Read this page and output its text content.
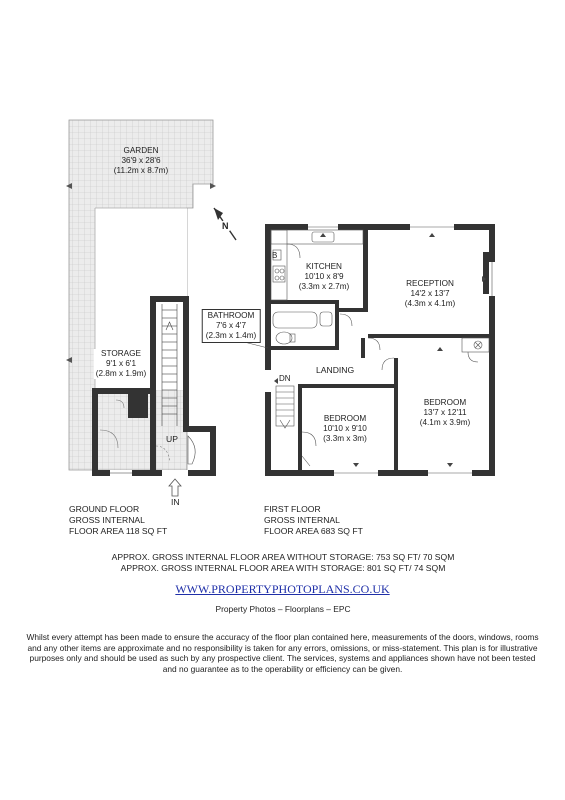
GARDEN
36'9 x 28'6
(11.2m x 8.7m)
STORAGE
9'1 x 6'1
(2.8m x 1.9m)
KITCHEN
10'10 x 8'9
(3.3m x 2.7m)
BATHROOM
7'6 x 4'7
(2.3m x 1.4m)
RECEPTION
14'2 x 13'7
(4.3m x 4.1m)
BEDROOM
10'10 x 9'10
(3.3m x 3m)
BEDROOM
13'7 x 12'11
(4.1m x 3.9m)
LANDING
DN
UP
IN
B
N
GROUND FLOOR
GROSS INTERNAL
FLOOR AREA 118 SQ FT
FIRST FLOOR
GROSS INTERNAL
FLOOR AREA 683 SQ FT
APPROX. GROSS INTERNAL FLOOR AREA WITHOUT STORAGE: 753 SQ FT/ 70 SQM
APPROX. GROSS INTERNAL FLOOR AREA WITH STORAGE: 801 SQ FT/ 74 SQM
WWW.PROPERTYPHOTOPLANS.CO.UK
Property Photos – Floorplans – EPC
Whilst every attempt has been made to ensure the accuracy of the floor plan contained here, measurements of the doors, windows, rooms and any other items are approximate and no responsibility is taken for any errors, omissions, or miss-statement. This plan is for illustrative purposes only and should be used as such by any prospective client. The services, systems and appliances shown have not been tested and no guarantee as to the operability or efficiency can be given.
